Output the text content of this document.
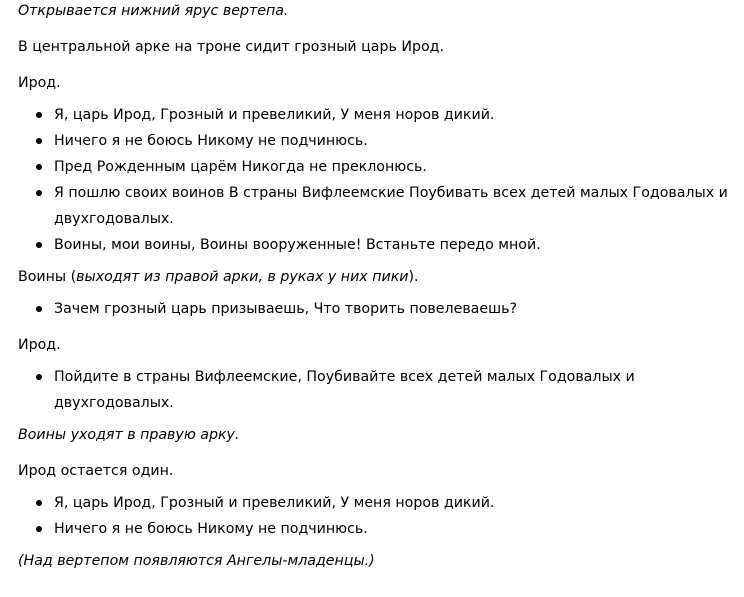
Открывается нижний ярус вертепа.

В центральной арке на троне сидит грозный царь Ирод.

Ирод.

Я, царь Ирод, Грозный и превеликий, У меня норов дикий.
Ничего я не боюсь Никому не подчинюсь.
Пред Рожденным царём Никогда не преклонюсь.
Я пошлю своих воинов В страны Вифлеемские Поубивать всех детей малых Годовалых и двухгодовалых.
Воины, мои воины, Воины вооруженные! Встаньте передо мной.

Воины (выходят из правой арки, в руках у них пики).

Зачем грозный царь призываешь, Что творить повелеваешь?

Ирод.

Пойдите в страны Вифлеемские, Поубивайте всех детей малых Годовалых и двухгодовалых.

Воины уходят в правую арку.

Ирод остается один.

Я, царь Ирод, Грозный и превеликий, У меня норов дикий.
Ничего я не боюсь Никому не подчинюсь.

(Над вертепом появляются Ангелы-младенцы.)
